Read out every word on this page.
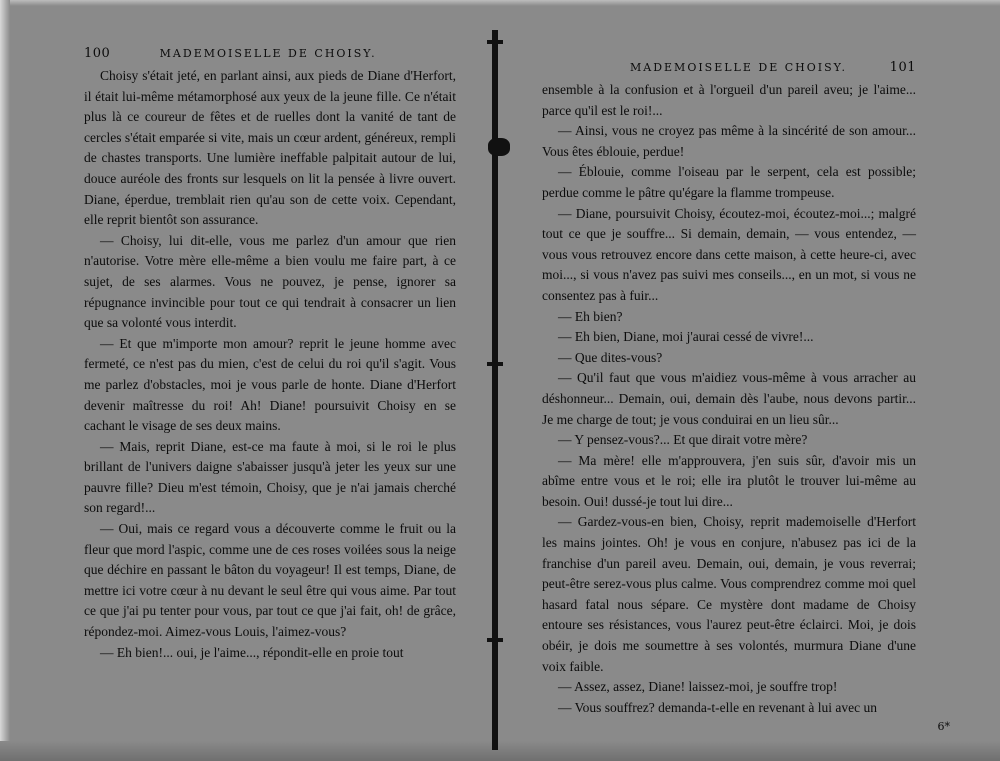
100	MADEMOISELLE DE CHOISY.

Choisy s'était jeté, en parlant ainsi, aux pieds de Diane d'Herfort, il était lui-même métamorphosé aux yeux de la jeune fille. Ce n'était plus là ce coureur de fêtes et de ruelles dont la vanité de tant de cercles s'était emparée si vite, mais un cœur ardent, généreux, rempli de chastes transports. Une lumière ineffable palpitait autour de lui, douce auréole des fronts sur lesquels on lit la pensée à livre ouvert. Diane, éperdue, tremblait rien qu'au son de cette voix. Cependant, elle reprit bientôt son assurance.

— Choisy, lui dit-elle, vous me parlez d'un amour que rien n'autorise. Votre mère elle-même a bien voulu me faire part, à ce sujet, de ses alarmes. Vous ne pouvez, je pense, ignorer sa répugnance invincible pour tout ce qui tendrait à consacrer un lien que sa volonté vous interdit.

— Et que m'importe mon amour? reprit le jeune homme avec fermeté, ce n'est pas du mien, c'est de celui du roi qu'il s'agit. Vous me parlez d'obstacles, moi je vous parle de honte. Diane d'Herfort devenir maîtresse du roi! Ah! Diane! poursuivit Choisy en se cachant le visage de ses deux mains.

— Mais, reprit Diane, est-ce ma faute à moi, si le roi le plus brillant de l'univers daigne s'abaisser jusqu'à jeter les yeux sur une pauvre fille? Dieu m'est témoin, Choisy, que je n'ai jamais cherché son regard!...

— Oui, mais ce regard vous a découverte comme le fruit ou la fleur que mord l'aspic, comme une de ces roses voilées sous la neige que déchire en passant le bâton du voyageur! Il est temps, Diane, de mettre ici votre cœur à nu devant le seul être qui vous aime. Par tout ce que j'ai pu tenter pour vous, par tout ce que j'ai fait, oh! de grâce, répondez-moi. Aimez-vous Louis, l'aimez-vous?

— Eh bien!... oui, je l'aime..., répondit-elle en proie tout

MADEMOISELLE DE CHOISY.	101

ensemble à la confusion et à l'orgueil d'un pareil aveu; je l'aime... parce qu'il est le roi!...

— Ainsi, vous ne croyez pas même à la sincérité de son amour... Vous êtes éblouie, perdue!

— Éblouie, comme l'oiseau par le serpent, cela est possible; perdue comme le pâtre qu'égare la flamme trompeuse.

— Diane, poursuivit Choisy, écoutez-moi, écoutez-moi...; malgré tout ce que je souffre... Si demain, demain, — vous entendez, — vous vous retrouvez encore dans cette maison, à cette heure-ci, avec moi..., si vous n'avez pas suivi mes conseils..., en un mot, si vous ne consentez pas à fuir...

— Eh bien?

— Eh bien, Diane, moi j'aurai cessé de vivre!...

— Que dites-vous?

— Qu'il faut que vous m'aidiez vous-même à vous arracher au déshonneur... Demain, oui, demain dès l'aube, nous devons partir... Je me charge de tout; je vous conduirai en un lieu sûr...

— Y pensez-vous?... Et que dirait votre mère?

— Ma mère! elle m'approuvera, j'en suis sûr, d'avoir mis un abîme entre vous et le roi; elle ira plutôt le trouver lui-même au besoin. Oui! dussé-je tout lui dire...

— Gardez-vous-en bien, Choisy, reprit mademoiselle d'Herfort les mains jointes. Oh! je vous en conjure, n'abusez pas ici de la franchise d'un pareil aveu. Demain, oui, demain, je vous reverrai; peut-être serez-vous plus calme. Vous comprendrez comme moi quel hasard fatal nous sépare. Ce mystère dont madame de Choisy entoure ses résistances, vous l'aurez peut-être éclairci. Moi, je dois obéir, je dois me soumettre à ses volontés, murmura Diane d'une voix faible.

— Assez, assez, Diane! laissez-moi, je souffre trop!

— Vous souffrez? demanda-t-elle en revenant à lui avec un

6*
